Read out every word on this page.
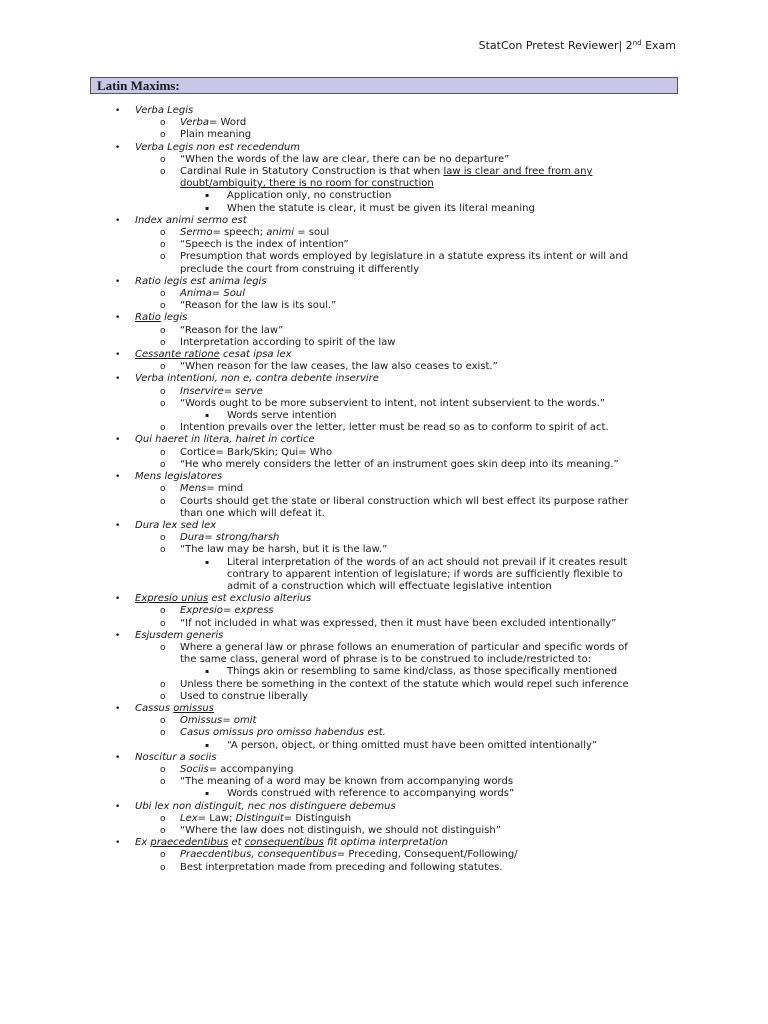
StatCon Pretest Reviewer| 2nd Exam
Latin Maxims:
• Verba Legis
o Verba= Word
o Plain meaning
• Verba Legis non est recedendum
o “When the words of the law are clear, there can be no departure”
o Cardinal Rule in Statutory Construction is that when law is clear and free from any
doubt/ambiguity, there is no room for construction
▪ Application only, no construction
▪ When the statute is clear, it must be given its literal meaning
• Index animi sermo est
o Sermo= speech; animi = soul
o “Speech is the index of intention”
o Presumption that words employed by legislature in a statute express its intent or will and
preclude the court from construing it differently
• Ratio legis est anima legis
o Anima= Soul
o “Reason for the law is its soul.”
• Ratio legis
o “Reason for the law”
o Interpretation according to spirit of the law
• Cessante ratione cesat ipsa lex
o “When reason for the law ceases, the law also ceases to exist.”
• Verba intentioni, non e, contra debente inservire
o Inservire= serve
o “Words ought to be more subservient to intent, not intent subservient to the words.”
▪ Words serve intention
o Intention prevails over the letter, letter must be read so as to conform to spirit of act.
• Qui haeret in litera, hairet in cortice
o Cortice= Bark/Skin; Qui= Who
o “He who merely considers the letter of an instrument goes skin deep into its meaning.”
• Mens legislatores
o Mens= mind
o Courts should get the state or liberal construction which wll best effect its purpose rather
than one which will defeat it.
• Dura lex sed lex
o Dura= strong/harsh
o “The law may be harsh, but it is the law.”
▪ Literal interpretation of the words of an act should not prevail if it creates result
contrary to apparent intention of legislature; if words are sufficiently flexible to
admit of a construction which will effectuate legislative intention
• Expresio unius est exclusio alterius
o Expresio= express
o “If not included in what was expressed, then it must have been excluded intentionally”
• Esjusdem generis
o Where a general law or phrase follows an enumeration of particular and specific words of
the same class, general word of phrase is to be construed to include/restricted to:
▪ Things akin or resembling to same kind/class, as those specifically mentioned
o Unless there be something in the context of the statute which would repel such inference
o Used to construe liberally
• Cassus omissus
o Omissus= omit
o Casus omissus pro omisso habendus est.
▪ “A person, object, or thing omitted must have been omitted intentionally”
• Noscitur a sociis
o Sociis= accompanying
o “The meaning of a word may be known from accompanying words
▪ Words construed with reference to accompanying words”
• Ubi lex non distinguit, nec nos distinguere debemus
o Lex= Law; Distinguit= Distinguish
o “Where the law does not distinguish, we should not distinguish”
• Ex praecedentibus et consequentibus fit optima interpretation
o Praecdentibus, consequentibus= Preceding, Consequent/Following/
o Best interpretation made from preceding and following statutes.
